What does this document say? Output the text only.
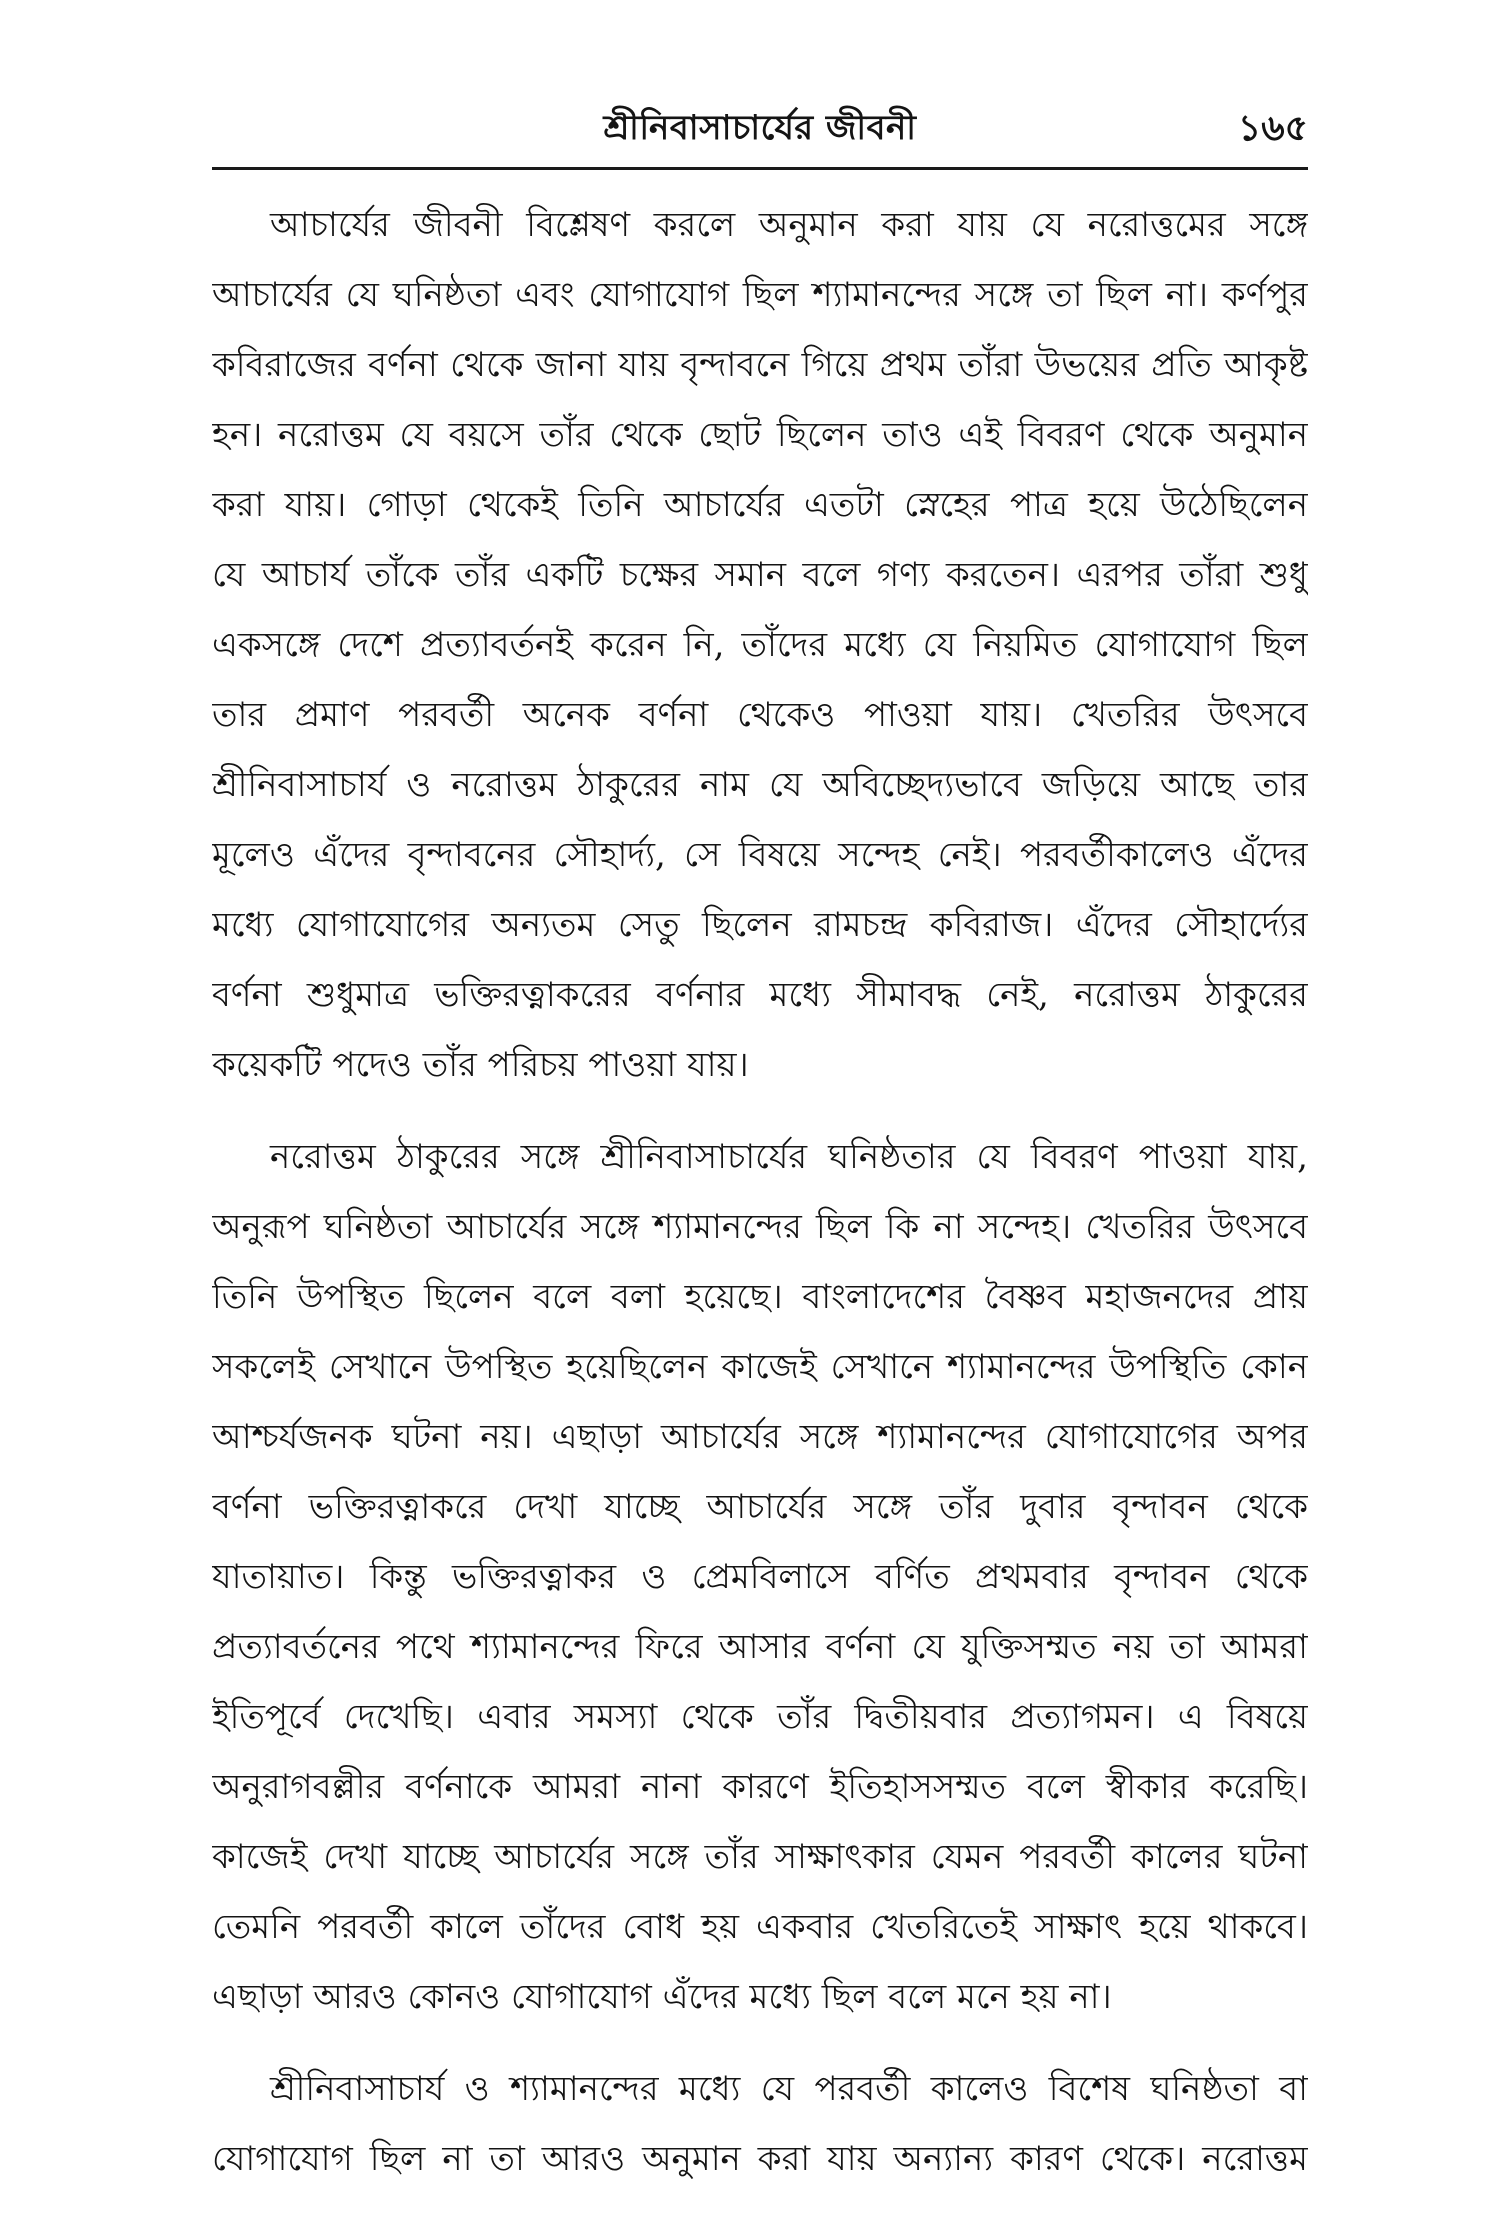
শ্রীনিবাসাচার্যের জীবনী	১৬৫
আচার্যের জীবনী বিশ্লেষণ করলে অনুমান করা যায় যে নরোত্তমের সঙ্গে
আচার্যের যে ঘনিষ্ঠতা এবং যোগাযোগ ছিল শ্যামানন্দের সঙ্গে তা ছিল না। কর্ণপুর
কবিরাজের বর্ণনা থেকে জানা যায় বৃন্দাবনে গিয়ে প্রথম তাঁরা উভয়ের প্রতি আকৃষ্ট
হন। নরোত্তম যে বয়সে তাঁর থেকে ছোট ছিলেন তাও এই বিবরণ থেকে অনুমান
করা যায়। গোড়া থেকেই তিনি আচার্যের এতটা স্নেহের পাত্র হয়ে উঠেছিলেন
যে আচার্য তাঁকে তাঁর একটি চক্ষের সমান বলে গণ্য করতেন। এরপর তাঁরা শুধু
একসঙ্গে দেশে প্রত্যাবর্তনই করেন নি, তাঁদের মধ্যে যে নিয়মিত যোগাযোগ ছিল
তার প্রমাণ পরবর্তী অনেক বর্ণনা থেকেও পাওয়া যায়। খেতরির উৎসবে
শ্রীনিবাসাচার্য ও নরোত্তম ঠাকুরের নাম যে অবিচ্ছেদ্যভাবে জড়িয়ে আছে তার
মূলেও এঁদের বৃন্দাবনের সৌহার্দ্য, সে বিষয়ে সন্দেহ নেই। পরবর্তীকালেও এঁদের
মধ্যে যোগাযোগের অন্যতম সেতু ছিলেন রামচন্দ্র কবিরাজ। এঁদের সৌহার্দ্যের
বর্ণনা শুধুমাত্র ভক্তিরত্নাকরের বর্ণনার মধ্যে সীমাবদ্ধ নেই, নরোত্তম ঠাকুরের
কয়েকটি পদেও তাঁর পরিচয় পাওয়া যায়।
নরোত্তম ঠাকুরের সঙ্গে শ্রীনিবাসাচার্যের ঘনিষ্ঠতার যে বিবরণ পাওয়া যায়,
অনুরূপ ঘনিষ্ঠতা আচার্যের সঙ্গে শ্যামানন্দের ছিল কি না সন্দেহ। খেতরির উৎসবে
তিনি উপস্থিত ছিলেন বলে বলা হয়েছে। বাংলাদেশের বৈষ্ণব মহাজনদের প্রায়
সকলেই সেখানে উপস্থিত হয়েছিলেন কাজেই সেখানে শ্যামানন্দের উপস্থিতি কোন
আশ্চর্যজনক ঘটনা নয়। এছাড়া আচার্যের সঙ্গে শ্যামানন্দের যোগাযোগের অপর
বর্ণনা ভক্তিরত্নাকরে দেখা যাচ্ছে আচার্যের সঙ্গে তাঁর দুবার বৃন্দাবন থেকে
যাতায়াত। কিন্তু ভক্তিরত্নাকর ও প্রেমবিলাসে বর্ণিত প্রথমবার বৃন্দাবন থেকে
প্রত্যাবর্তনের পথে শ্যামানন্দের ফিরে আসার বর্ণনা যে যুক্তিসম্মত নয় তা আমরা
ইতিপূর্বে দেখেছি। এবার সমস্যা থেকে তাঁর দ্বিতীয়বার প্রত্যাগমন। এ বিষয়ে
অনুরাগবল্লীর বর্ণনাকে আমরা নানা কারণে ইতিহাসসম্মত বলে স্বীকার করেছি।
কাজেই দেখা যাচ্ছে আচার্যের সঙ্গে তাঁর সাক্ষাৎকার যেমন পরবর্তী কালের ঘটনা
তেমনি পরবর্তী কালে তাঁদের বোধ হয় একবার খেতরিতেই সাক্ষাৎ হয়ে থাকবে।
এছাড়া আরও কোনও যোগাযোগ এঁদের মধ্যে ছিল বলে মনে হয় না।
শ্রীনিবাসাচার্য ও শ্যামানন্দের মধ্যে যে পরবর্তী কালেও বিশেষ ঘনিষ্ঠতা বা
যোগাযোগ ছিল না তা আরও অনুমান করা যায় অন্যান্য কারণ থেকে। নরোত্তম
